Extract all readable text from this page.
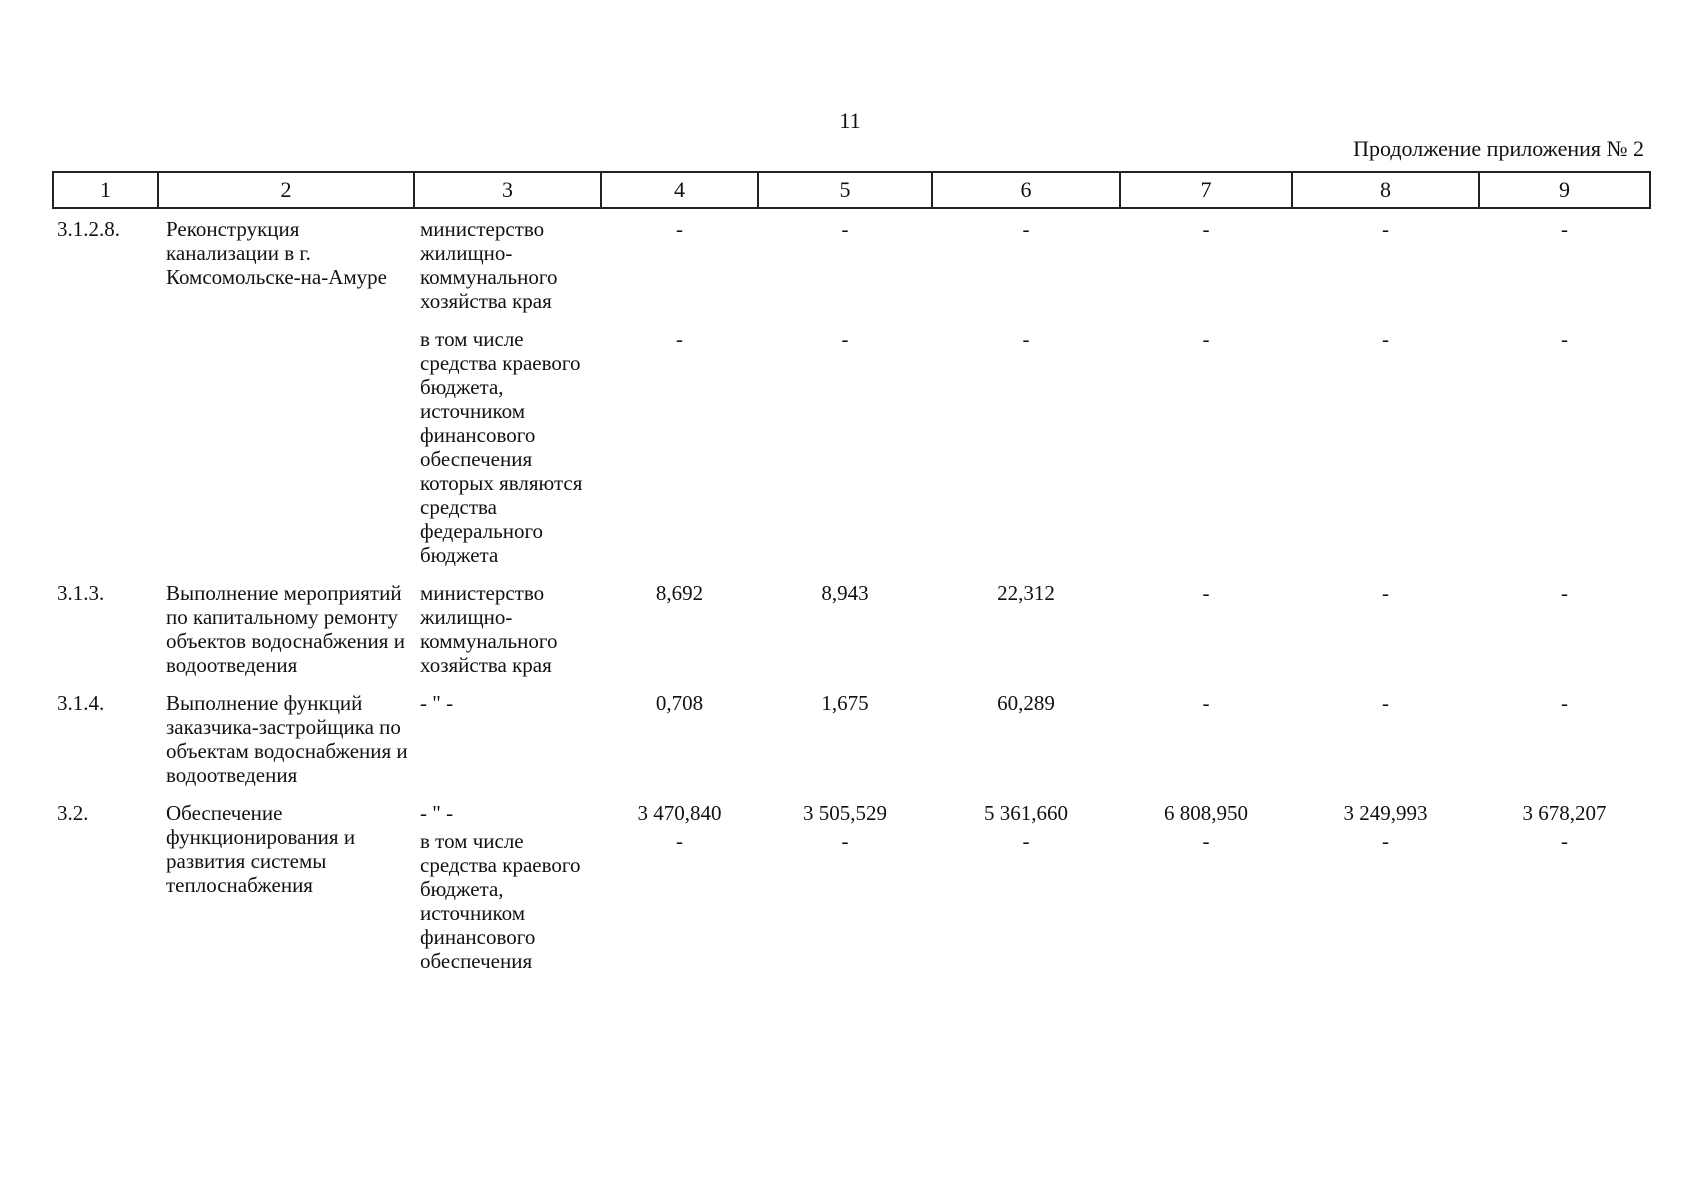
11
Продолжение приложения № 2
1	2	3	4	5	6	7	8	9
3.1.2.8.	Реконструкция канализации в г. Комсомольске-на-Амуре	министерство жилищно-коммунального хозяйства края	-	-	-	-	-	-
		в том числе средства краевого бюджета, источником финансового обеспечения которых являются средства федерального бюджета	-	-	-	-	-	-
3.1.3.	Выполнение мероприятий по капитальному ремонту объектов водоснабжения и водоотведения	министерство жилищно-коммунального хозяйства края	8,692	8,943	22,312	-	-	-
3.1.4.	Выполнение функций заказчика-застройщика по объектам водоснабжения и водоотведения	- " -	0,708	1,675	60,289	-	-	-
3.2.	Обеспечение функционирования и развития системы теплоснабжения	- " -	3 470,840	3 505,529	5 361,660	6 808,950	3 249,993	3 678,207
		в том числе средства краевого бюджета, источником финансового обеспечения	-	-	-	-	-	-
